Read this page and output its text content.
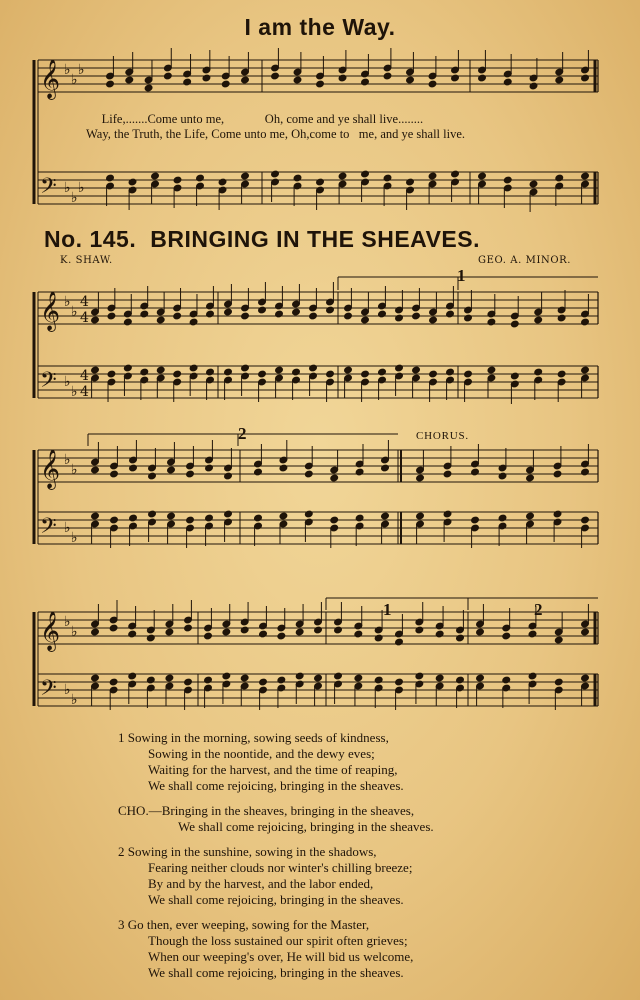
I am the Way.
𝄞
𝄢
♭
♭
♭
♭
♭
♭
𝄞
𝄢
♭
♭
♭
♭
4
4
4
4
𝄞
𝄢
♭
♭
♭
♭
𝄞
𝄢
♭
♭
♭
♭
Life,.......Come unto me,             Oh, come and ye shall live........
Way, the Truth, the Life, Come unto me, Oh,come to   me, and ye shall live.
No. 145. BRINGING IN THE SHEAVES.
K. SHAW.	GEO. A. MINOR.
1
2
1	2
CHORUS.
1 Sowing in the morning, sowing seeds of kindness,
Sowing in the noontide, and the dewy eves;
Waiting for the harvest, and the time of reaping,
We shall come rejoicing, bringing in the sheaves.
CHO.—Bringing in the sheaves, bringing in the sheaves,
We shall come rejoicing, bringing in the sheaves.
2 Sowing in the sunshine, sowing in the shadows,
Fearing neither clouds nor winter's chilling breeze;
By and by the harvest, and the labor ended,
We shall come rejoicing, bringing in the sheaves.
3 Go then, ever weeping, sowing for the Master,
Though the loss sustained our spirit often grieves;
When our weeping's over, He will bid us welcome,
We shall come rejoicing, bringing in the sheaves.
